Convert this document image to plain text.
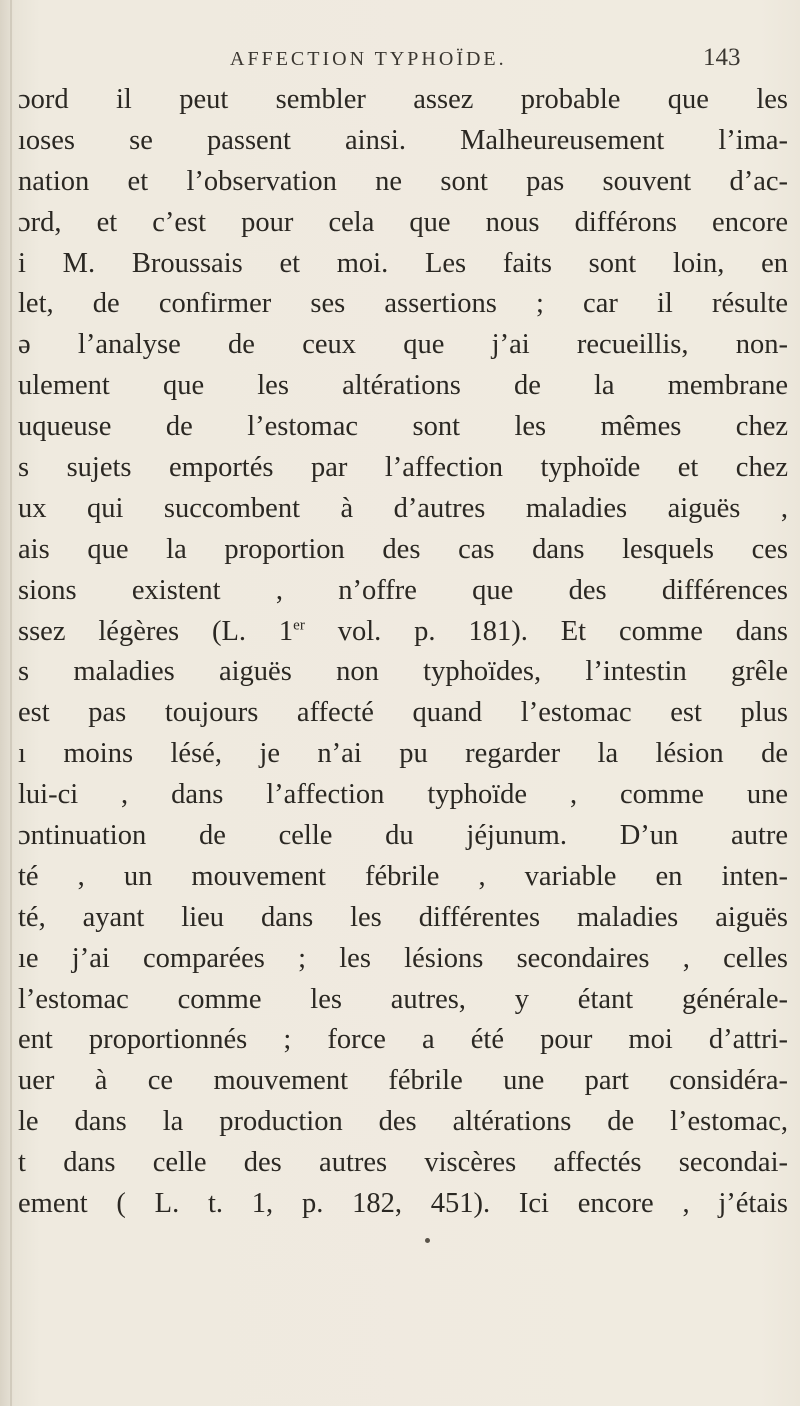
AFFECTION TYPHOÏDE.	143
ɔord il peut sembler assez probable que les
ıoses se passent ainsi. Malheureusement l’ima-
nation et l’observation ne sont pas souvent d’ac-
ɔrd, et c’est pour cela que nous différons encore
i M. Broussais et moi. Les faits sont loin, en
let, de confirmer ses assertions ; car il résulte
ə l’analyse de ceux que j’ai recueillis, non-
ulement que les altérations de la membrane
uqueuse de l’estomac sont les mêmes chez
s sujets emportés par l’affection typhoïde et chez
ux qui succombent à d’autres maladies aiguës ,
ais que la proportion des cas dans lesquels ces
sions existent , n’offre que des différences
ssez légères (L. 1er vol. p. 181). Et comme dans
s maladies aiguës non typhoïdes, l’intestin grêle
est pas toujours affecté quand l’estomac est plus
ı moins lésé, je n’ai pu regarder la lésion de
lui-ci , dans l’affection typhoïde , comme une
ɔntinuation de celle du jéjunum. D’un autre
té , un mouvement fébrile , variable en inten-
té, ayant lieu dans les différentes maladies aiguës
ıe j’ai comparées ; les lésions secondaires , celles
l’estomac comme les autres, y étant générale-
ent proportionnés ; force a été pour moi d’attri-
uer à ce mouvement fébrile une part considéra-
le dans la production des altérations de l’estomac,
t dans celle des autres viscères affectés secondai-
ement ( L. t. 1, p. 182, 451). Ici encore , j’étais
